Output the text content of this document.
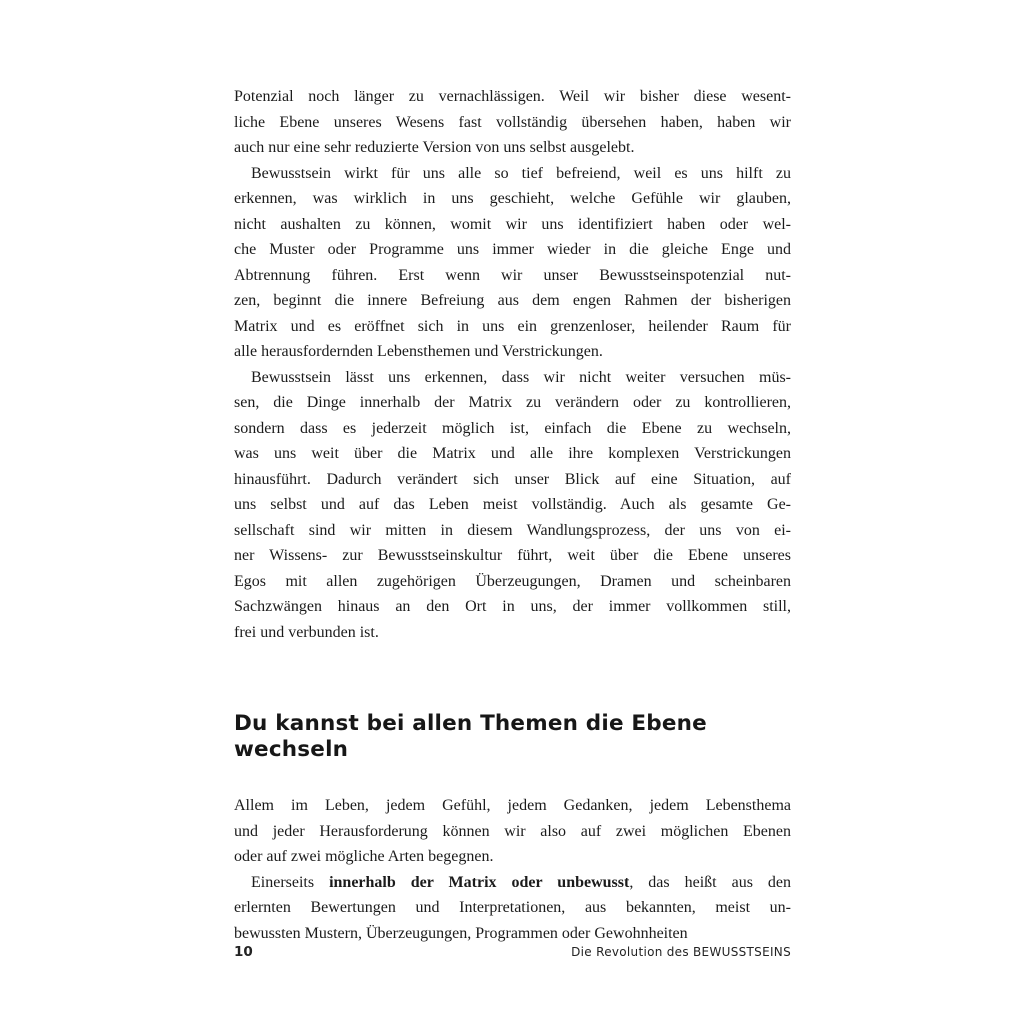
Potenzial noch länger zu vernachlässigen. Weil wir bisher diese wesent-
liche Ebene unseres Wesens fast vollständig übersehen haben, haben wir
auch nur eine sehr reduzierte Version von uns selbst ausgelebt.
Bewusstsein wirkt für uns alle so tief befreiend, weil es uns hilft zu
erkennen, was wirklich in uns geschieht, welche Gefühle wir glauben,
nicht aushalten zu können, womit wir uns identifiziert haben oder wel-
che Muster oder Programme uns immer wieder in die gleiche Enge und
Abtrennung führen. Erst wenn wir unser Bewusstseinspotenzial nut-
zen, beginnt die innere Befreiung aus dem engen Rahmen der bisherigen
Matrix und es eröffnet sich in uns ein grenzenloser, heilender Raum für
alle herausfordernden Lebensthemen und Verstrickungen.
Bewusstsein lässt uns erkennen, dass wir nicht weiter versuchen müs-
sen, die Dinge innerhalb der Matrix zu verändern oder zu kontrollieren,
sondern dass es jederzeit möglich ist, einfach die Ebene zu wechseln,
was uns weit über die Matrix und alle ihre komplexen Verstrickungen
hinausführt. Dadurch verändert sich unser Blick auf eine Situation, auf
uns selbst und auf das Leben meist vollständig. Auch als gesamte Ge-
sellschaft sind wir mitten in diesem Wandlungsprozess, der uns von ei-
ner Wissens- zur Bewusstseinskultur führt, weit über die Ebene unseres
Egos mit allen zugehörigen Überzeugungen, Dramen und scheinbaren
Sachzwängen hinaus an den Ort in uns, der immer vollkommen still,
frei und verbunden ist.
Du kannst bei allen Themen die Ebene wechseln
Allem im Leben, jedem Gefühl, jedem Gedanken, jedem Lebensthema
und jeder Herausforderung können wir also auf zwei möglichen Ebenen
oder auf zwei mögliche Arten begegnen.
Einerseits innerhalb der Matrix oder unbewusst, das heißt aus den
erlernten Bewertungen und Interpretationen, aus bekannten, meist un-
bewussten Mustern, Überzeugungen, Programmen oder Gewohnheiten
10	Die Revolution des BEWUSSTSEINS
